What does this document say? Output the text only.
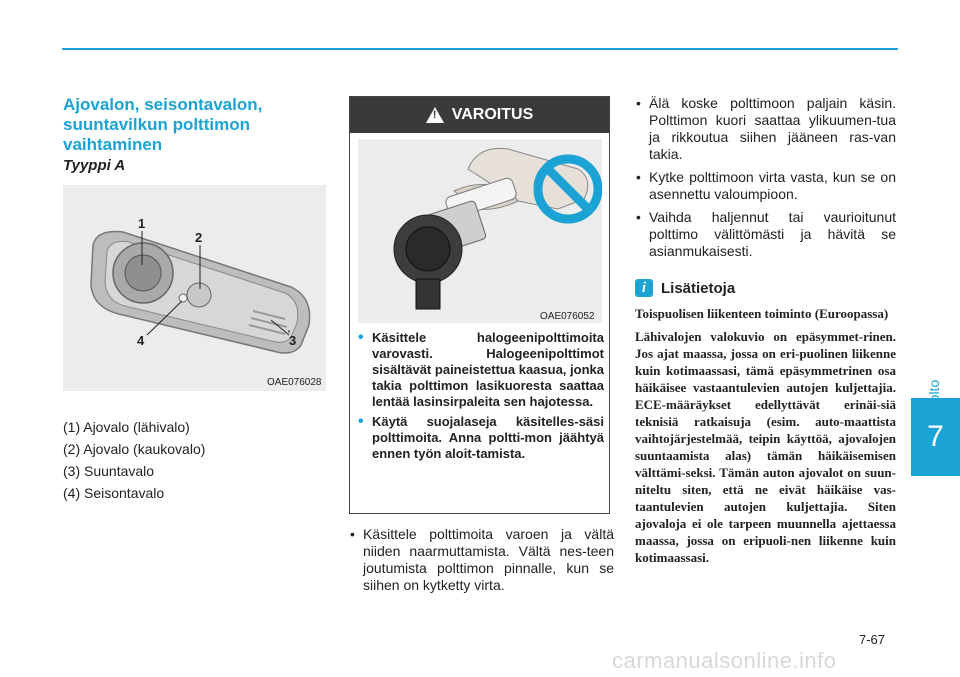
7
Ajovalon, seisontavalon, suuntavilkun polttimon vaihtaminen
Tyyppi A
1
2
3
4
OAE076028
(1) Ajovalo (lähivalo)
(2) Ajovalo (kaukovalo)
(3) Suuntavalo
(4) Seisontavalo
!
VAROITUS
OAE076052
• Käsittele halogeenipolttimoita varovasti. Halogeenipolttimot sisältävät paineistettua kaasua, jonka takia polttimon lasikuoresta saattaa lentää lasinsirpaleita sen hajotessa.
• Käytä suojalaseja käsitelles-säsi polttimoita. Anna poltti-mon jäähtyä ennen työn aloit-tamista.
• Käsittele polttimoita varoen ja vältä niiden naarmuttamista. Vältä nes-teen joutumista polttimon pinnalle, kun se siihen on kytketty virta.
• Älä koske polttimoon paljain käsin. Polttimon kuori saattaa ylikuumen-tua ja rikkoutua siihen jääneen ras-van takia.
• Kytke polttimoon virta vasta, kun se on asennettu valoumpioon.
• Vaihda haljennut tai vaurioitunut polttimo välittömästi ja hävitä se asianmukaisesti.
i Lisätietoja

Toispuolisen liikenteen toiminto (Euroopassa)

Lähivalojen valokuvio on epäsymmet-rinen. Jos ajat maassa, jossa on eri-puolinen liikenne kuin kotimaassasi, tämä epäsymmetrinen osa häikäisee vastaantulevien autojen kuljettajia. ECE-määräykset edellyttävät erinäi-siä teknisiä ratkaisuja (esim. auto-maattista vaihtojärjestelmää, teipin käyttöä, ajovalojen suuntaamista alas) tämän häikäisemisen välttämi-seksi. Tämän auton ajovalot on suun-niteltu siten, että ne eivät häikäise vas-taantulevien autojen kuljettajia. Siten ajovaloja ei ole tarpeen muunnella ajettaessa maassa, jossa on eripuoli-nen liikenne kuin kotimaassasi.

7-67
carmanualsonline.info
